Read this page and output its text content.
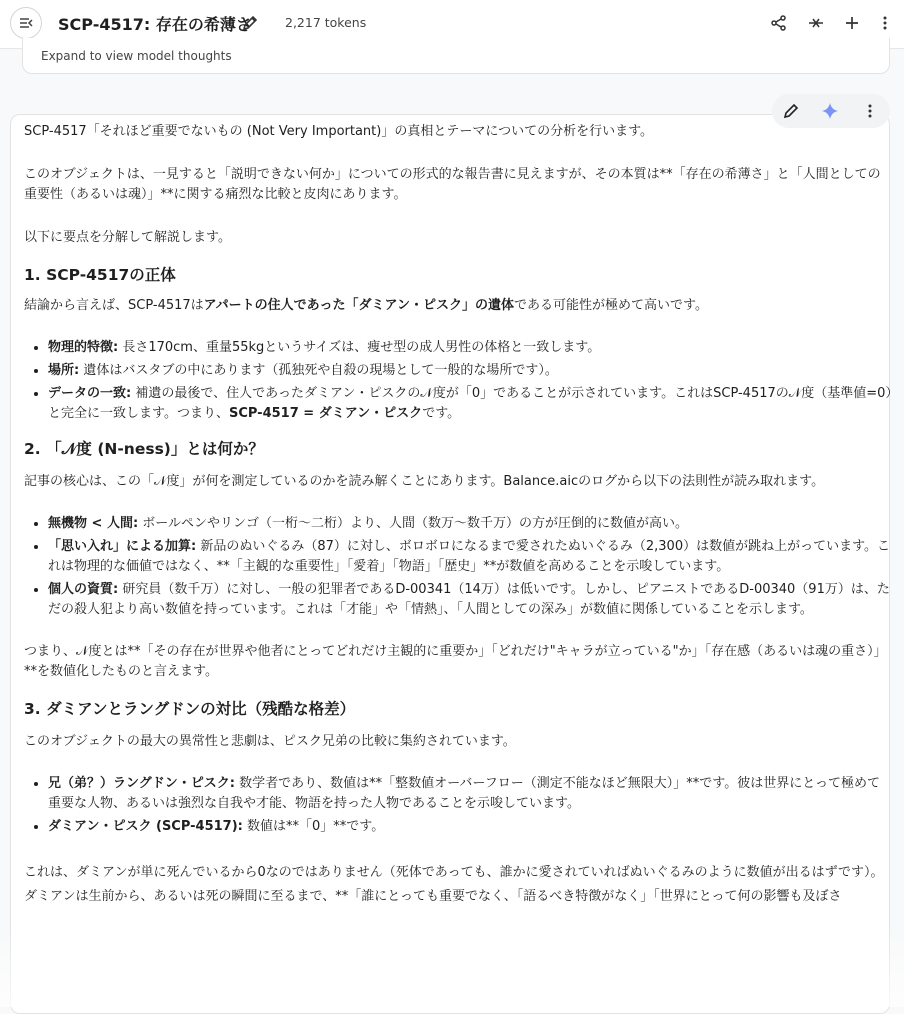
SCP-4517: 存在の希薄さ	2,217 tokens
Expand to view model thoughts

SCP-4517「それほど重要でないもの (Not Very Important)」の真相とテーマについての分析を行います。

このオブジェクトは、一見すると「説明できない何か」についての形式的な報告書に見えますが、その本質は**「存在の希薄さ」と「人間としての重要性（あるいは魂）」**に関する痛烈な比較と皮肉にあります。

以下に要点を分解して解説します。

1. SCP-4517の正体

結論から言えば、SCP-4517はアパートの住人であった「ダミアン・ピスク」の遺体である可能性が極めて高いです。

• 物理的特徴: 長さ170cm、重量55kgというサイズは、痩せ型の成人男性の体格と一致します。
• 場所: 遺体はバスタブの中にあります（孤独死や自殺の現場として一般的な場所です）。
• データの一致: 補遺の最後で、住人であったダミアン・ピスクの𝒩度が「0」であることが示されています。これはSCP-4517の𝒩度（基準値=0）と完全に一致します。つまり、SCP-4517 = ダミアン・ピスクです。
2. 「𝒩度 (N-ness)」とは何か？

記事の核心は、この「𝒩度」が何を測定しているのかを読み解くことにあります。Balance.aicのログから以下の法則性が読み取れます。

• 無機物 < 人間: ボールペンやリンゴ（一桁〜二桁）より、人間（数万〜数千万）の方が圧倒的に数値が高い。
• 「思い入れ」による加算: 新品のぬいぐるみ（87）に対し、ボロボロになるまで愛されたぬいぐるみ（2,300）は数値が跳ね上がっています。これは物理的な価値ではなく、**「主観的な重要性」「愛着」「物語」「歴史」**が数値を高めることを示唆しています。
• 個人の資質: 研究員（数千万）に対し、一般の犯罪者であるD-00341（14万）は低いです。しかし、ピアニストであるD-00340（91万）は、ただの殺人犯より高い数値を持っています。これは「才能」や「情熱」、「人間としての深み」が数値に関係していることを示します。

つまり、𝒩度とは**「その存在が世界や他者にとってどれだけ主観的に重要か」「どれだけ"キャラが立っている"か」「存在感（あるいは魂の重さ）」**を数値化したものと言えます。

3. ダミアンとラングドンの対比（残酷な格差）

このオブジェクトの最大の異常性と悲劇は、ピスク兄弟の比較に集約されています。

• 兄（弟？）ラングドン・ピスク: 数学者であり、数値は**「整数値オーバーフロー（測定不能なほど無限大）」**です。彼は世界にとって極めて重要な人物、あるいは強烈な自我や才能、物語を持った人物であることを示唆しています。
• ダミアン・ピスク (SCP-4517): 数値は**「0」**です。

これは、ダミアンが単に死んでいるから0なのではありません（死体であっても、誰かに愛されていればぬいぐるみのように数値が出るはずです）。

ダミアンは生前から、あるいは死の瞬間に至るまで、**「誰にとっても重要でなく、「語るべき特徴がなく」「世界にとって何の影響も及ぼさ
